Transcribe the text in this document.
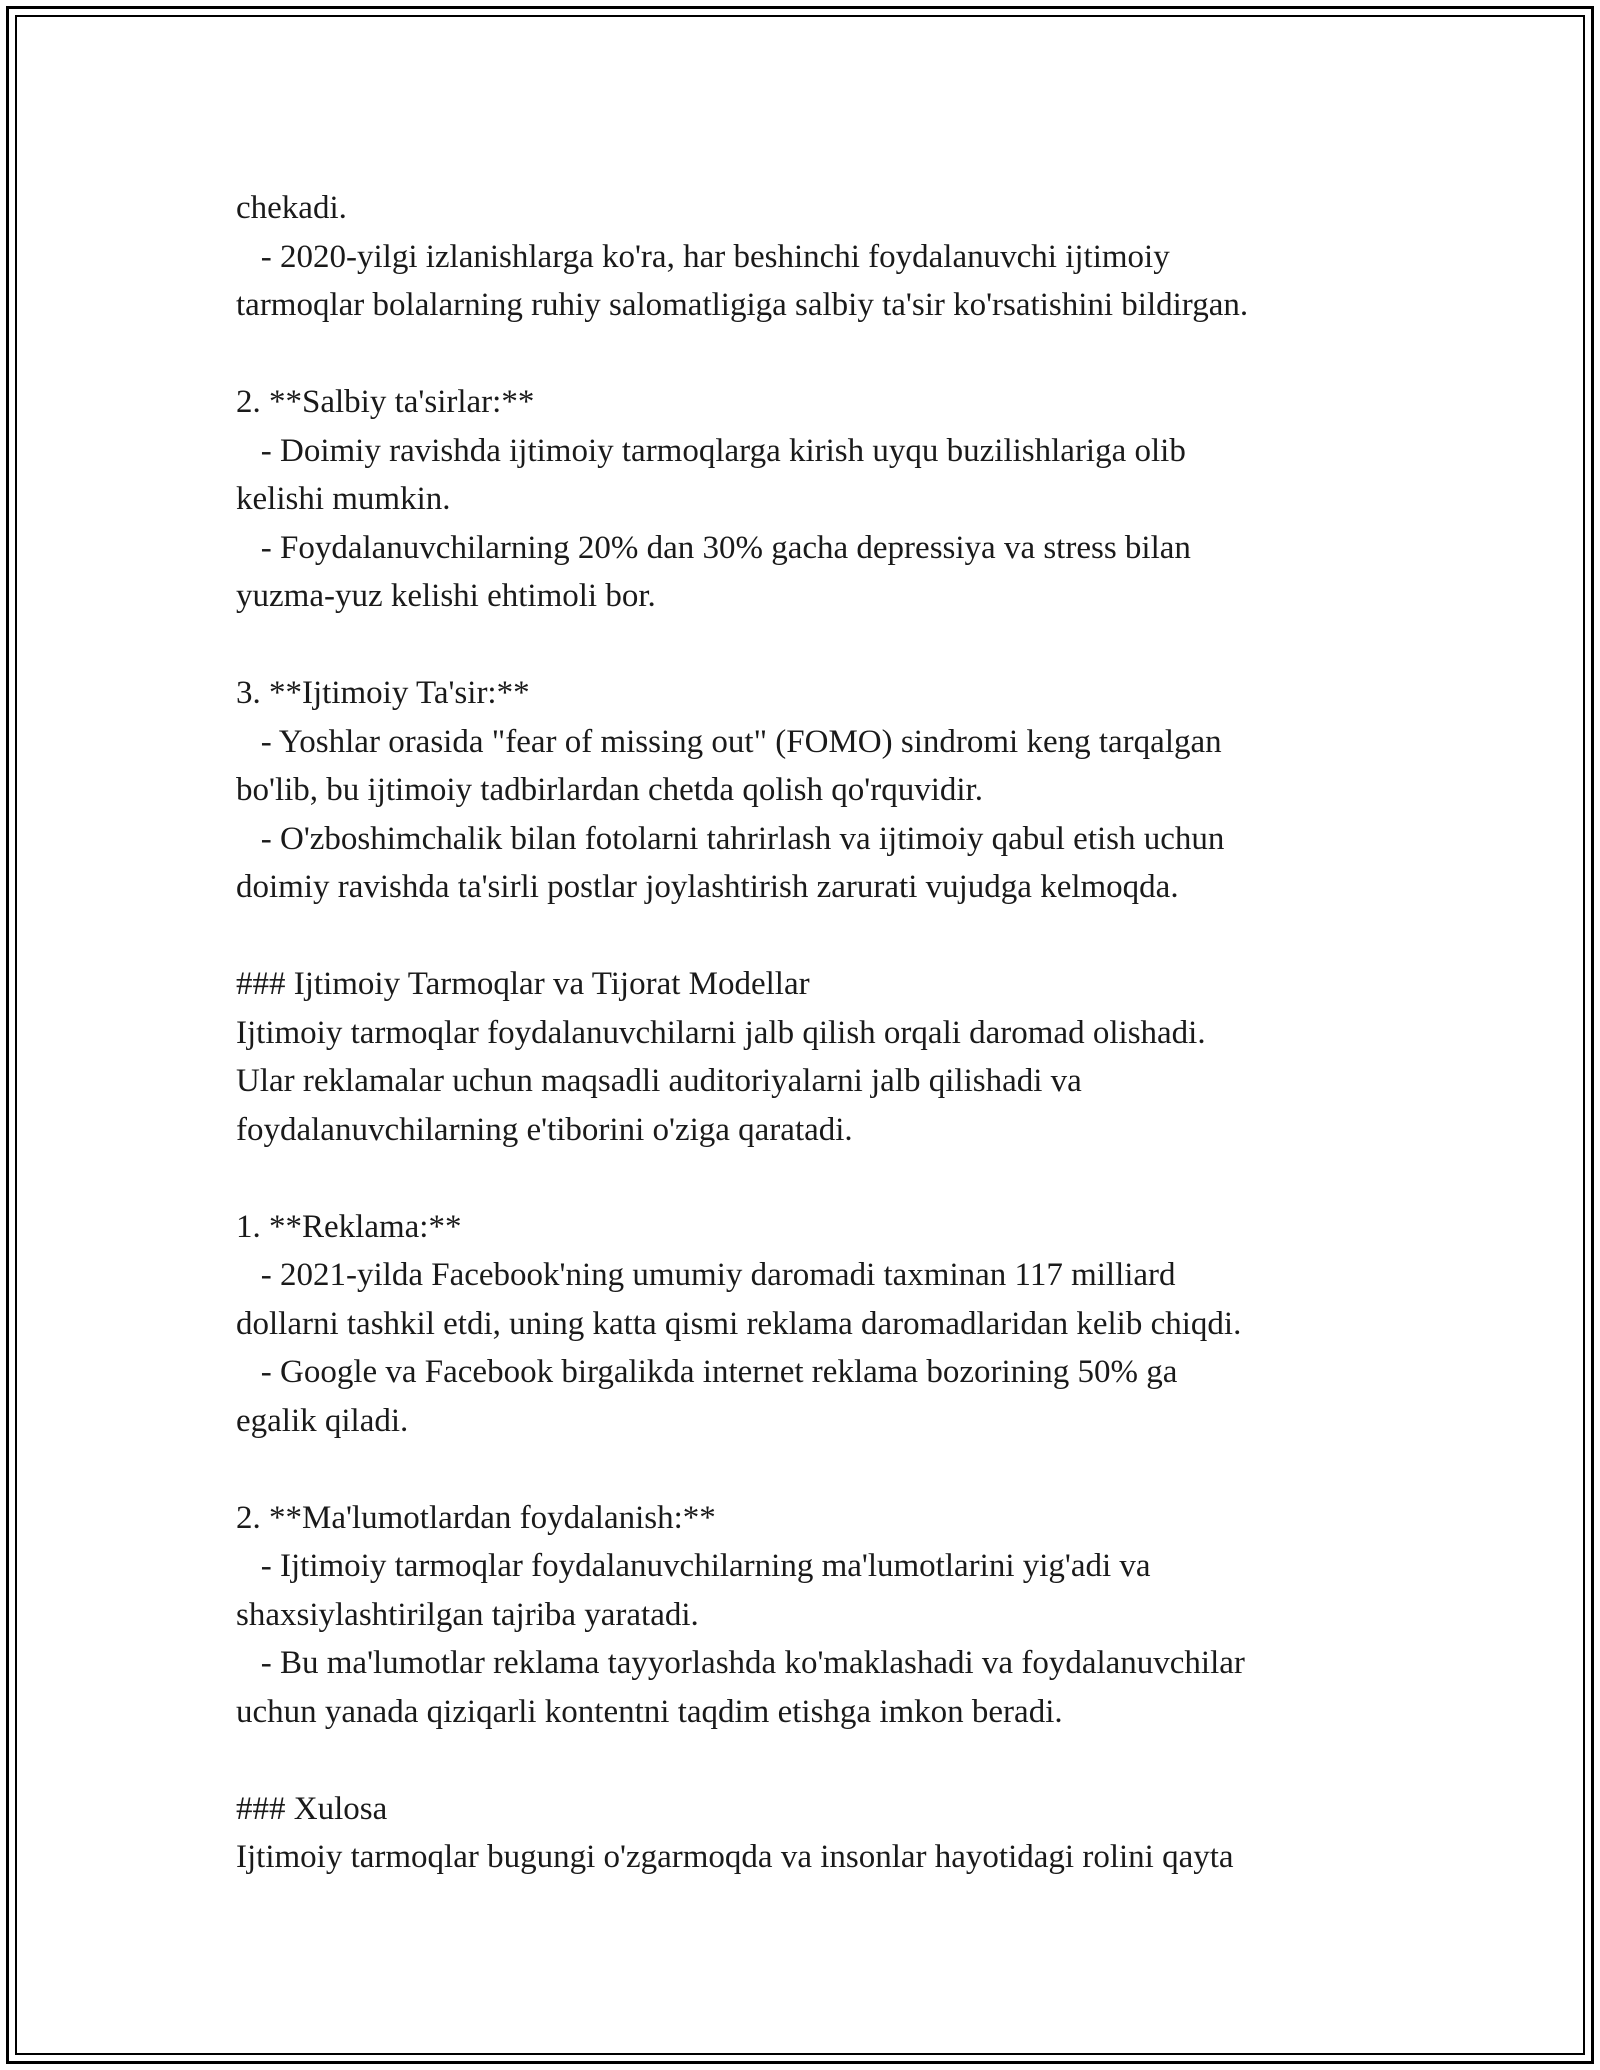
chekadi.
- 2020-yilgi izlanishlarga ko'ra, har beshinchi foydalanuvchi ijtimoiy
tarmoqlar bolalarning ruhiy salomatligiga salbiy ta'sir ko'rsatishini bildirgan.
2. **Salbiy ta'sirlar:**
- Doimiy ravishda ijtimoiy tarmoqlarga kirish uyqu buzilishlariga olib
kelishi mumkin.
- Foydalanuvchilarning 20% dan 30% gacha depressiya va stress bilan
yuzma-yuz kelishi ehtimoli bor.
3. **Ijtimoiy Ta'sir:**
- Yoshlar orasida "fear of missing out" (FOMO) sindromi keng tarqalgan
bo'lib, bu ijtimoiy tadbirlardan chetda qolish qo'rquvidir.
- O'zboshimchalik bilan fotolarni tahrirlash va ijtimoiy qabul etish uchun
doimiy ravishda ta'sirli postlar joylashtirish zarurati vujudga kelmoqda.
### Ijtimoiy Tarmoqlar va Tijorat Modellar
Ijtimoiy tarmoqlar foydalanuvchilarni jalb qilish orqali daromad olishadi.
Ular reklamalar uchun maqsadli auditoriyalarni jalb qilishadi va
foydalanuvchilarning e'tiborini o'ziga qaratadi.
1. **Reklama:**
- 2021-yilda Facebook'ning umumiy daromadi taxminan 117 milliard
dollarni tashkil etdi, uning katta qismi reklama daromadlaridan kelib chiqdi.
- Google va Facebook birgalikda internet reklama bozorining 50% ga
egalik qiladi.
2. **Ma'lumotlardan foydalanish:**
- Ijtimoiy tarmoqlar foydalanuvchilarning ma'lumotlarini yig'adi va
shaxsiylashtirilgan tajriba yaratadi.
- Bu ma'lumotlar reklama tayyorlashda ko'maklashadi va foydalanuvchilar
uchun yanada qiziqarli kontentni taqdim etishga imkon beradi.
### Xulosa
Ijtimoiy tarmoqlar bugungi o'zgarmoqda va insonlar hayotidagi rolini qayta
